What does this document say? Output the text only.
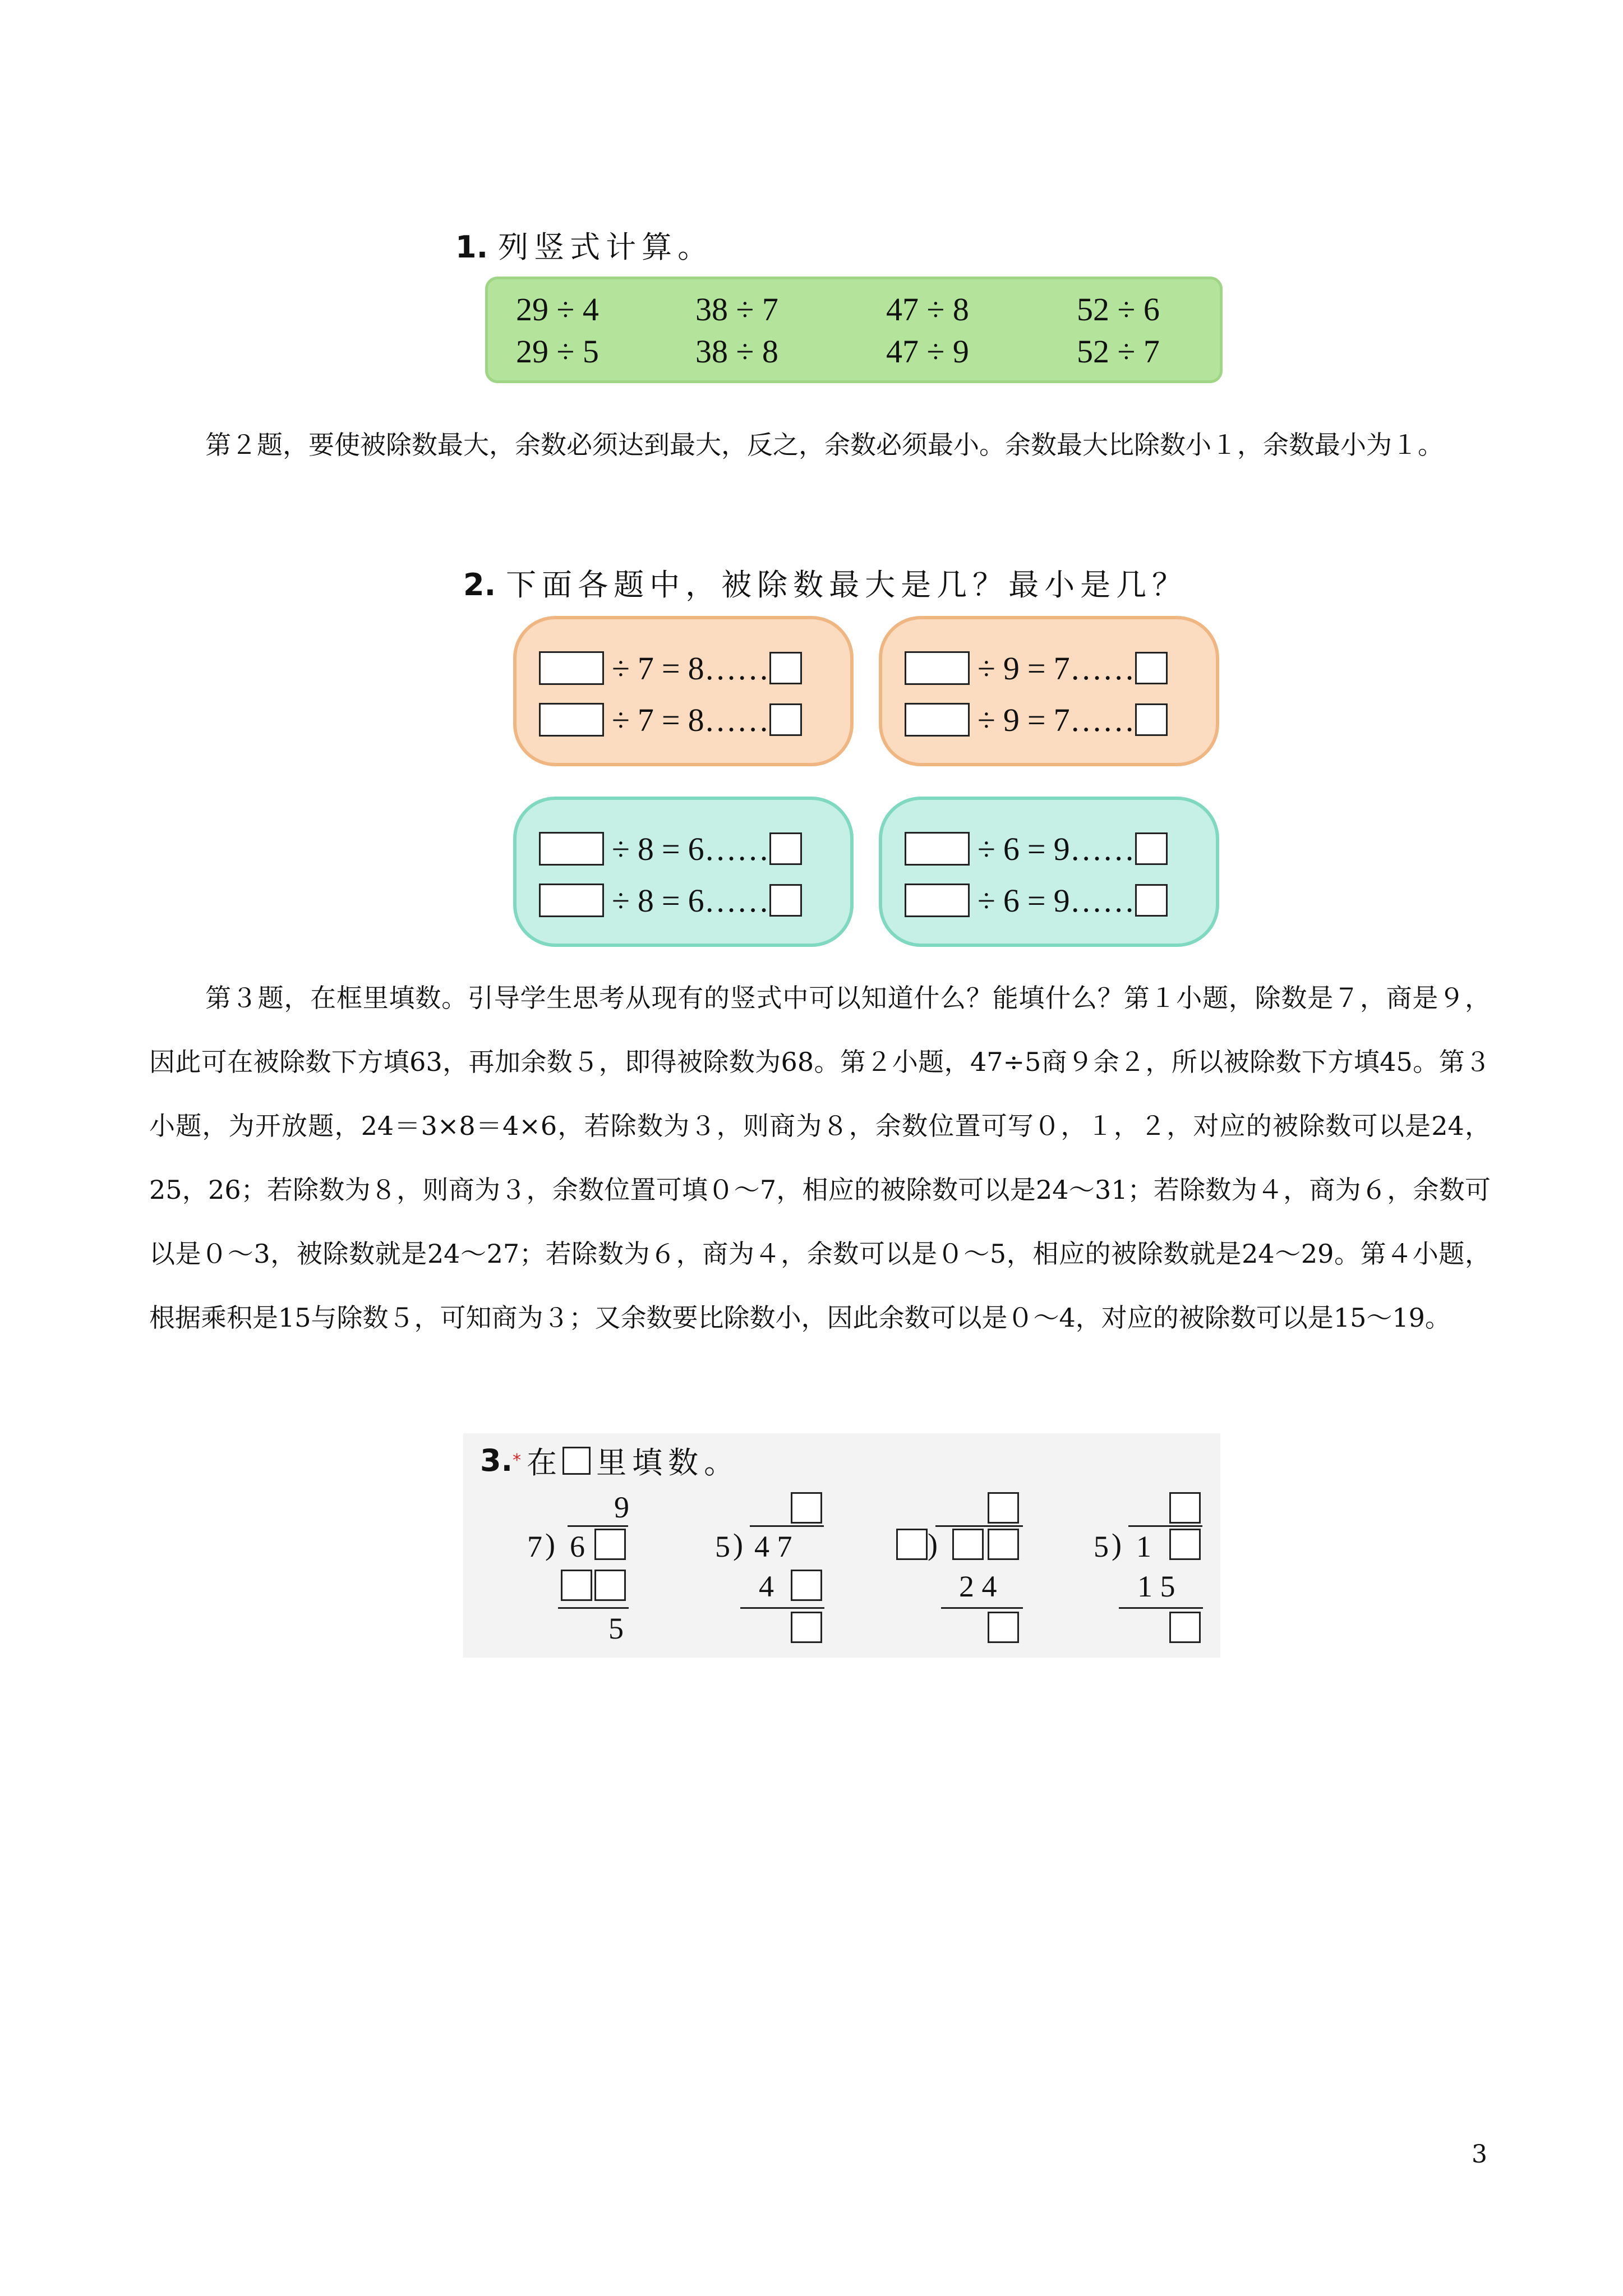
1. 列竖式计算。
29 ÷ 4	38 ÷ 7	47 ÷ 8	52 ÷ 6
29 ÷ 5	38 ÷ 8	47 ÷ 9	52 ÷ 7

第２题，要使被除数最大，余数必须达到最大，反之，余数必须最小。余数最大比除数小１，余数最小为１。

2. 下面各题中，被除数最大是几？最小是几？
÷ 7 = 8 ……
÷ 7 = 8 ……
÷ 9 = 7 ……
÷ 9 = 7 ……
÷ 8 = 6 ……
÷ 8 = 6 ……
÷ 6 = 9 ……
÷ 6 = 9 ……

第３题，在框里填数。引导学生思考从现有的竖式中可以知道什么？能填什么？第１小题，除数是７，商是９，因此可在被除数下方填63，再加余数５，即得被除数为68。第２小题，47÷5商９余２，所以被除数下方填45。第３小题，为开放题，24＝3×8＝4×6，若除数为３，则商为８，余数位置可写０，１，２，对应的被除数可以是24，25，26；若除数为８，则商为３，余数位置可填０～7，相应的被除数可以是24～31；若除数为４，商为６，余数可以是０～3，被除数就是24～27；若除数为６，商为４，余数可以是０～5，相应的被除数就是24～29。第４小题，根据乘积是15与除数５，可知商为３；又余数要比除数小，因此余数可以是０～4，对应的被除数可以是15～19。

3. * 在 里填数。
9
7 ) 6
5
5 ) 4 7
4
)
2 4
5 ) 1
1 5
3
